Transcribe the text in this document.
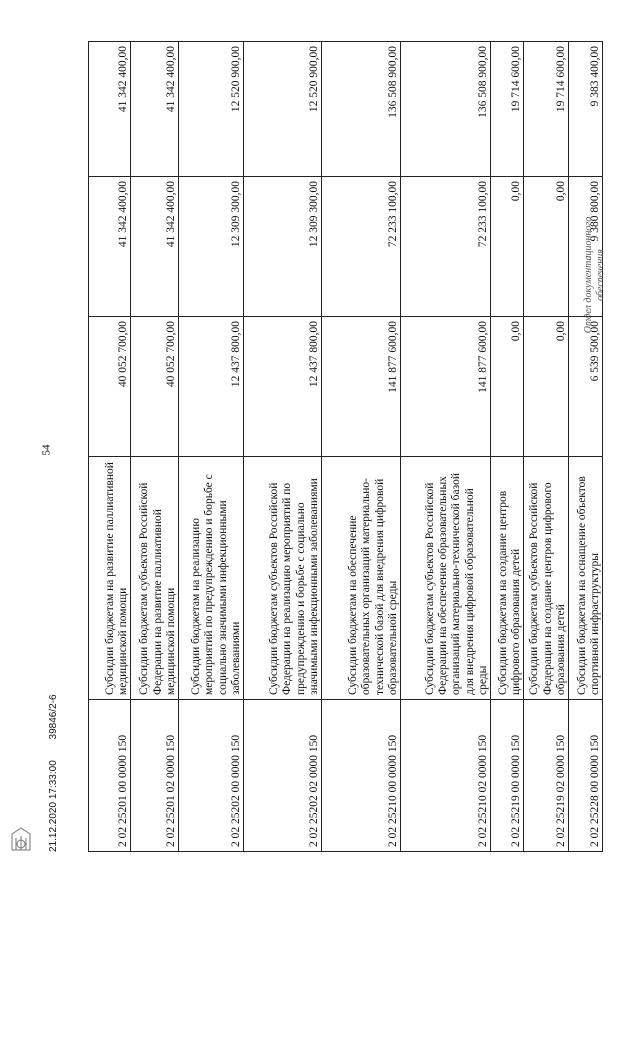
54
2 02 25201 00 0000 150	Субсидии бюджетам на развитие паллиативной медицинской помощи	40 052 700,00	41 342 400,00	41 342 400,00
2 02 25201 02 0000 150	Субсидии бюджетам субъектов Российской Федерации на развитие паллиативной медицинской помощи	40 052 700,00	41 342 400,00	41 342 400,00
2 02 25202 00 0000 150	Субсидии бюджетам на реализацию мероприятий по предупреждению и борьбе с социально значимыми инфекционными заболеваниями	12 437 800,00	12 309 300,00	12 520 900,00
2 02 25202 02 0000 150	Субсидии бюджетам субъектов Российской Федерации на реализацию мероприятий по предупреждению и борьбе с социально значимыми инфекционными заболеваниями	12 437 800,00	12 309 300,00	12 520 900,00
2 02 25210 00 0000 150	Субсидии бюджетам на обеспечение образовательных организаций материально-технической базой для внедрения цифровой образовательной среды	141 877 600,00	72 233 100,00	136 508 900,00
2 02 25210 02 0000 150	Субсидии бюджетам субъектов Российской Федерации на обеспечение образовательных организаций материально-технической базой для внедрения цифровой образовательной среды	141 877 600,00	72 233 100,00	136 508 900,00
2 02 25219 00 0000 150	Субсидии бюджетам на создание центров цифрового образования детей	0,00	0,00	19 714 600,00
2 02 25219 02 0000 150	Субсидии бюджетам субъектов Российской Федерации на создание центров цифрового образования детей	0,00	0,00	19 714 600,00
2 02 25228 00 0000 150	Субсидии бюджетам на оснащение объектов спортивной инфраструктуры	6 539 500,00	9 380 800,00	9 383 400,00
21.12.2020 17:33:00 39846/2-6
Отдел документационного обеспечения
